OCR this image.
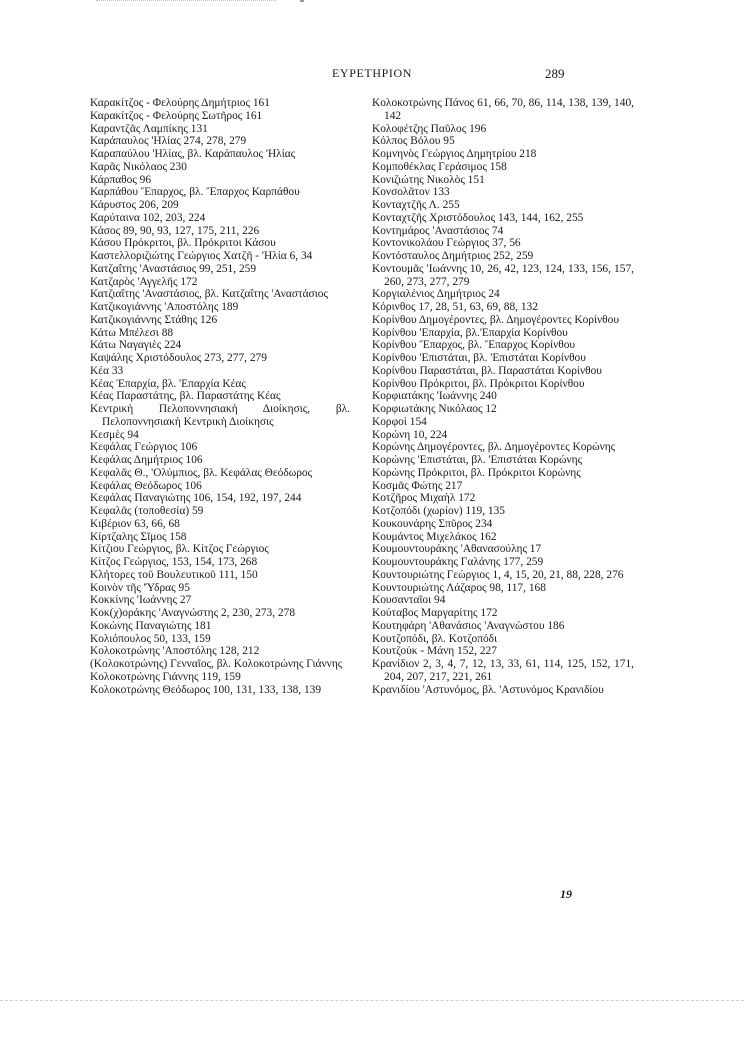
ΕΥΡΕΤΗΡΙΟΝ	289
Καρακίτζος - Φελούρης Δημήτριος 161
Καρακίτζος - Φελούρης Σωτῆρος 161
Καραντζᾶς Λαμπίκης 131
Καράπαυλος 'Ηλίας 274, 278, 279
Καραπαύλου 'Ηλίας, βλ. Καράπαυλος 'Ηλίας
Καρᾶς Νικόλαος 230
Κάρπαθος 96
Καρπάθου Ἔπαρχος, βλ. Ἔπαρχος Καρπάθου
Κάρυστος 206, 209
Καρύταινα 102, 203, 224
Κάσος 89, 90, 93, 127, 175, 211, 226
Κάσου Πρόκριτοι, βλ. Πρόκριτοι Κάσου
Καστελλοριζιώτης Γεώργιος Χατζῆ - 'Ηλία 6, 34
Κατζαΐτης 'Αναστάσιος 99, 251, 259
Κατζαρὸς 'Αγγελῆς 172
Κατζιαΐτης 'Αναστάσιος, βλ. Κατζαΐτης 'Αναστάσιος
Κατζικογιάννης 'Αποστόλης 189
Κατζικογιάννης Στάθης 126
Κάτω Μπέλεσι 88
Κάτω Ναγαγιὲς 224
Καψάλης Χριστόδουλος 273, 277, 279
Κέα 33
Κέας Ἐπαρχία, βλ. 'Επαρχία Κέας
Κέας Παραστάτης, βλ. Παραστάτης Κέας
Κεντρικὴ Πελοποννησιακὴ Διοίκησις, βλ. Πελοποννησιακὴ Κεντρικὴ Διοίκησις
Κεσμὲς 94
Κεφάλας Γεώργιος 106
Κεφάλας Δημήτριος 106
Κεφαλᾶς Θ., 'Ολύμπιος, βλ. Κεφάλας Θεόδωρος
Κεφάλας Θεόδωρος 106
Κεφάλας Παναγιώτης 106, 154, 192, 197, 244
Κεφαλᾶς (τοποθεσία) 59
Κιβέριον 63, 66, 68
Κίρτζαλης Σῖμος 158
Κίτζιου Γεώργιος, βλ. Κίτζος Γεώργιος
Κίτζος Γεώργιος, 153, 154, 173, 268
Κλήτορες τοῦ Βουλευτικοῦ 111, 150
Κοινὸν τῆς 'Ύδρας 95
Κοκκίνης 'Ιωάννης 27
Κοκ(χ)οράκης 'Αναγνώστης 2, 230, 273, 278
Κοκώνης Παναγιώτης 181
Κολιόπουλος 50, 133, 159
Κολοκοτρώνης 'Αποστόλης 128, 212
(Κολοκοτρώνης) Γενναῖος, βλ. Κολοκοτρώνης Γιάννης
Κολοκοτρώνης Γιάννης 119, 159
Κολοκοτρώνης Θεόδωρος 100, 131, 133, 138, 139
Κολοκοτρώνης Πάνος 61, 66, 70, 86, 114, 138, 139, 140, 142
Κολοφέτζης Παῦλος 196
Κόλπος Βόλου 95
Κομνηνὸς Γεώργιος Δημητρίου 218
Κομποθέκλας Γεράσιμος 158
Κονιζιώτης Νικολὸς 151
Κονσολᾶτον 133
Κονταχτζῆς Λ. 255
Κονταχτζῆς Χριστόδουλος 143, 144, 162, 255
Κοντημάρος 'Αναστάσιος 74
Κοντονικολάου Γεώργιος 37, 56
Κοντόσταυλος Δημήτριος 252, 259
Κοντουμᾶς 'Ιωάννης 10, 26, 42, 123, 124, 133, 156, 157, 260, 273, 277, 279
Κοργιαλένιος Δημήτριος 24
Κόρινθος 17, 28, 51, 63, 69, 88, 132
Κορίνθου Δημογέροντες, βλ. Δημογέροντες Κορίνθου
Κορίνθου 'Επαρχία, βλ.'Επαρχία Κορίνθου
Κορίνθου Ἔπαρχος, βλ. Ἔπαρχος Κορίνθου
Κορίνθου 'Επιστάται, βλ. 'Επιστάται Κορίνθου
Κορίνθου Παραστάται, βλ. Παραστάται Κορίνθου
Κορίνθου Πρόκριτοι, βλ. Πρόκριτοι Κορίνθου
Κορφιατάκης 'Ιωάννης 240
Κορφιωτάκης Νικόλαος 12
Κορφοὶ 154
Κορώνη 10, 224
Κορώνης Δημογέροντες, βλ. Δημογέροντες Κορώνης
Κορώνης 'Επιστάται, βλ. 'Επιστάται Κορώνης
Κορώνης Πρόκριτοι, βλ. Πρόκριτοι Κορώνης
Κοσμᾶς Φώτης 217
Κοτζῆρος Μιχαὴλ 172
Κοτζοπόδι (χωρίον) 119, 135
Κουκουνάρης Σπῦρος 234
Κουμάντος Μιχελάκος 162
Κουμουντουράκης 'Αθανασούλης 17
Κουμουντουράκης Γαλάνης 177, 259
Κουντουριώτης Γεώργιος 1, 4, 15, 20, 21, 88, 228, 276
Κουντουριώτης Λάζαρος 98, 117, 168
Κουσανταῖοι 94
Κούταβος Μαργαρίτης 172
Κουτηφάρη 'Αθανάσιος 'Αναγνώστου 186
Κουτζοπόδι, βλ. Κοτζοπόδι
Κουτζούκ - Μάνη 152, 227
Κρανίδιον 2, 3, 4, 7, 12, 13, 33, 61, 114, 125, 152, 171, 204, 207, 217, 221, 261
Κρανιδίου 'Αστυνόμος, βλ. 'Αστυνόμος Κρανιδίου
19
